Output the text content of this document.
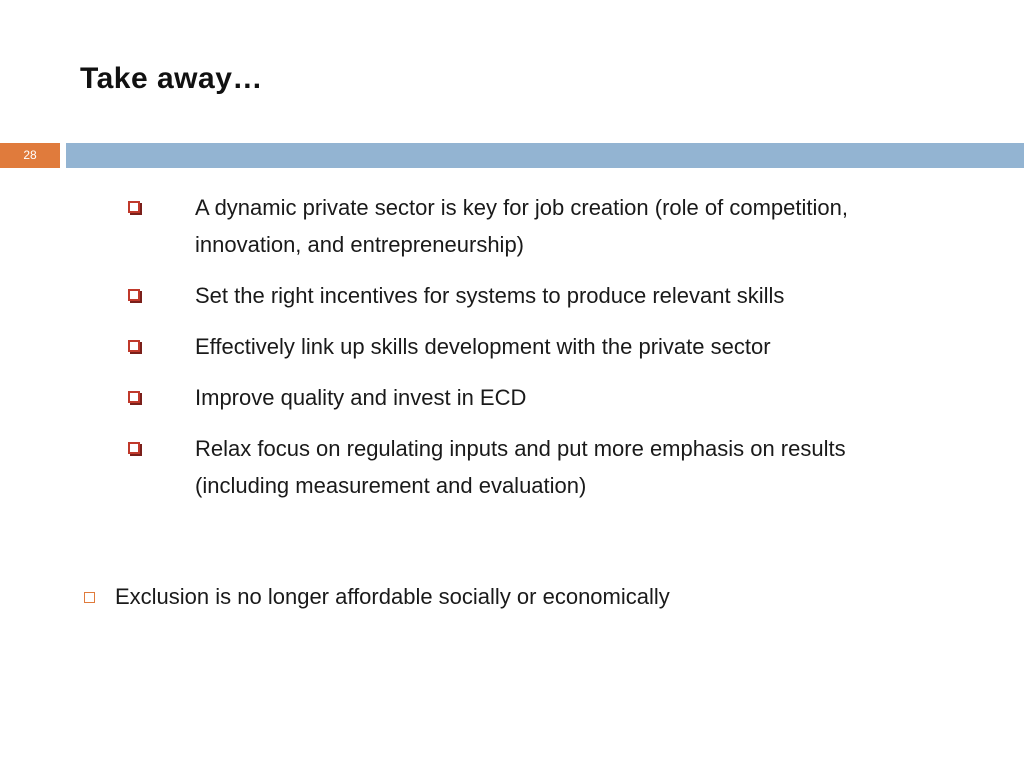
Take away…
28
A dynamic private sector is key for job creation (role of competition, innovation, and entrepreneurship)
Set the right incentives for systems to produce relevant skills
Effectively link up skills development with the private sector
Improve quality and invest in ECD
Relax focus on regulating inputs and put more emphasis on results (including measurement and evaluation)
Exclusion is no longer affordable socially or economically
